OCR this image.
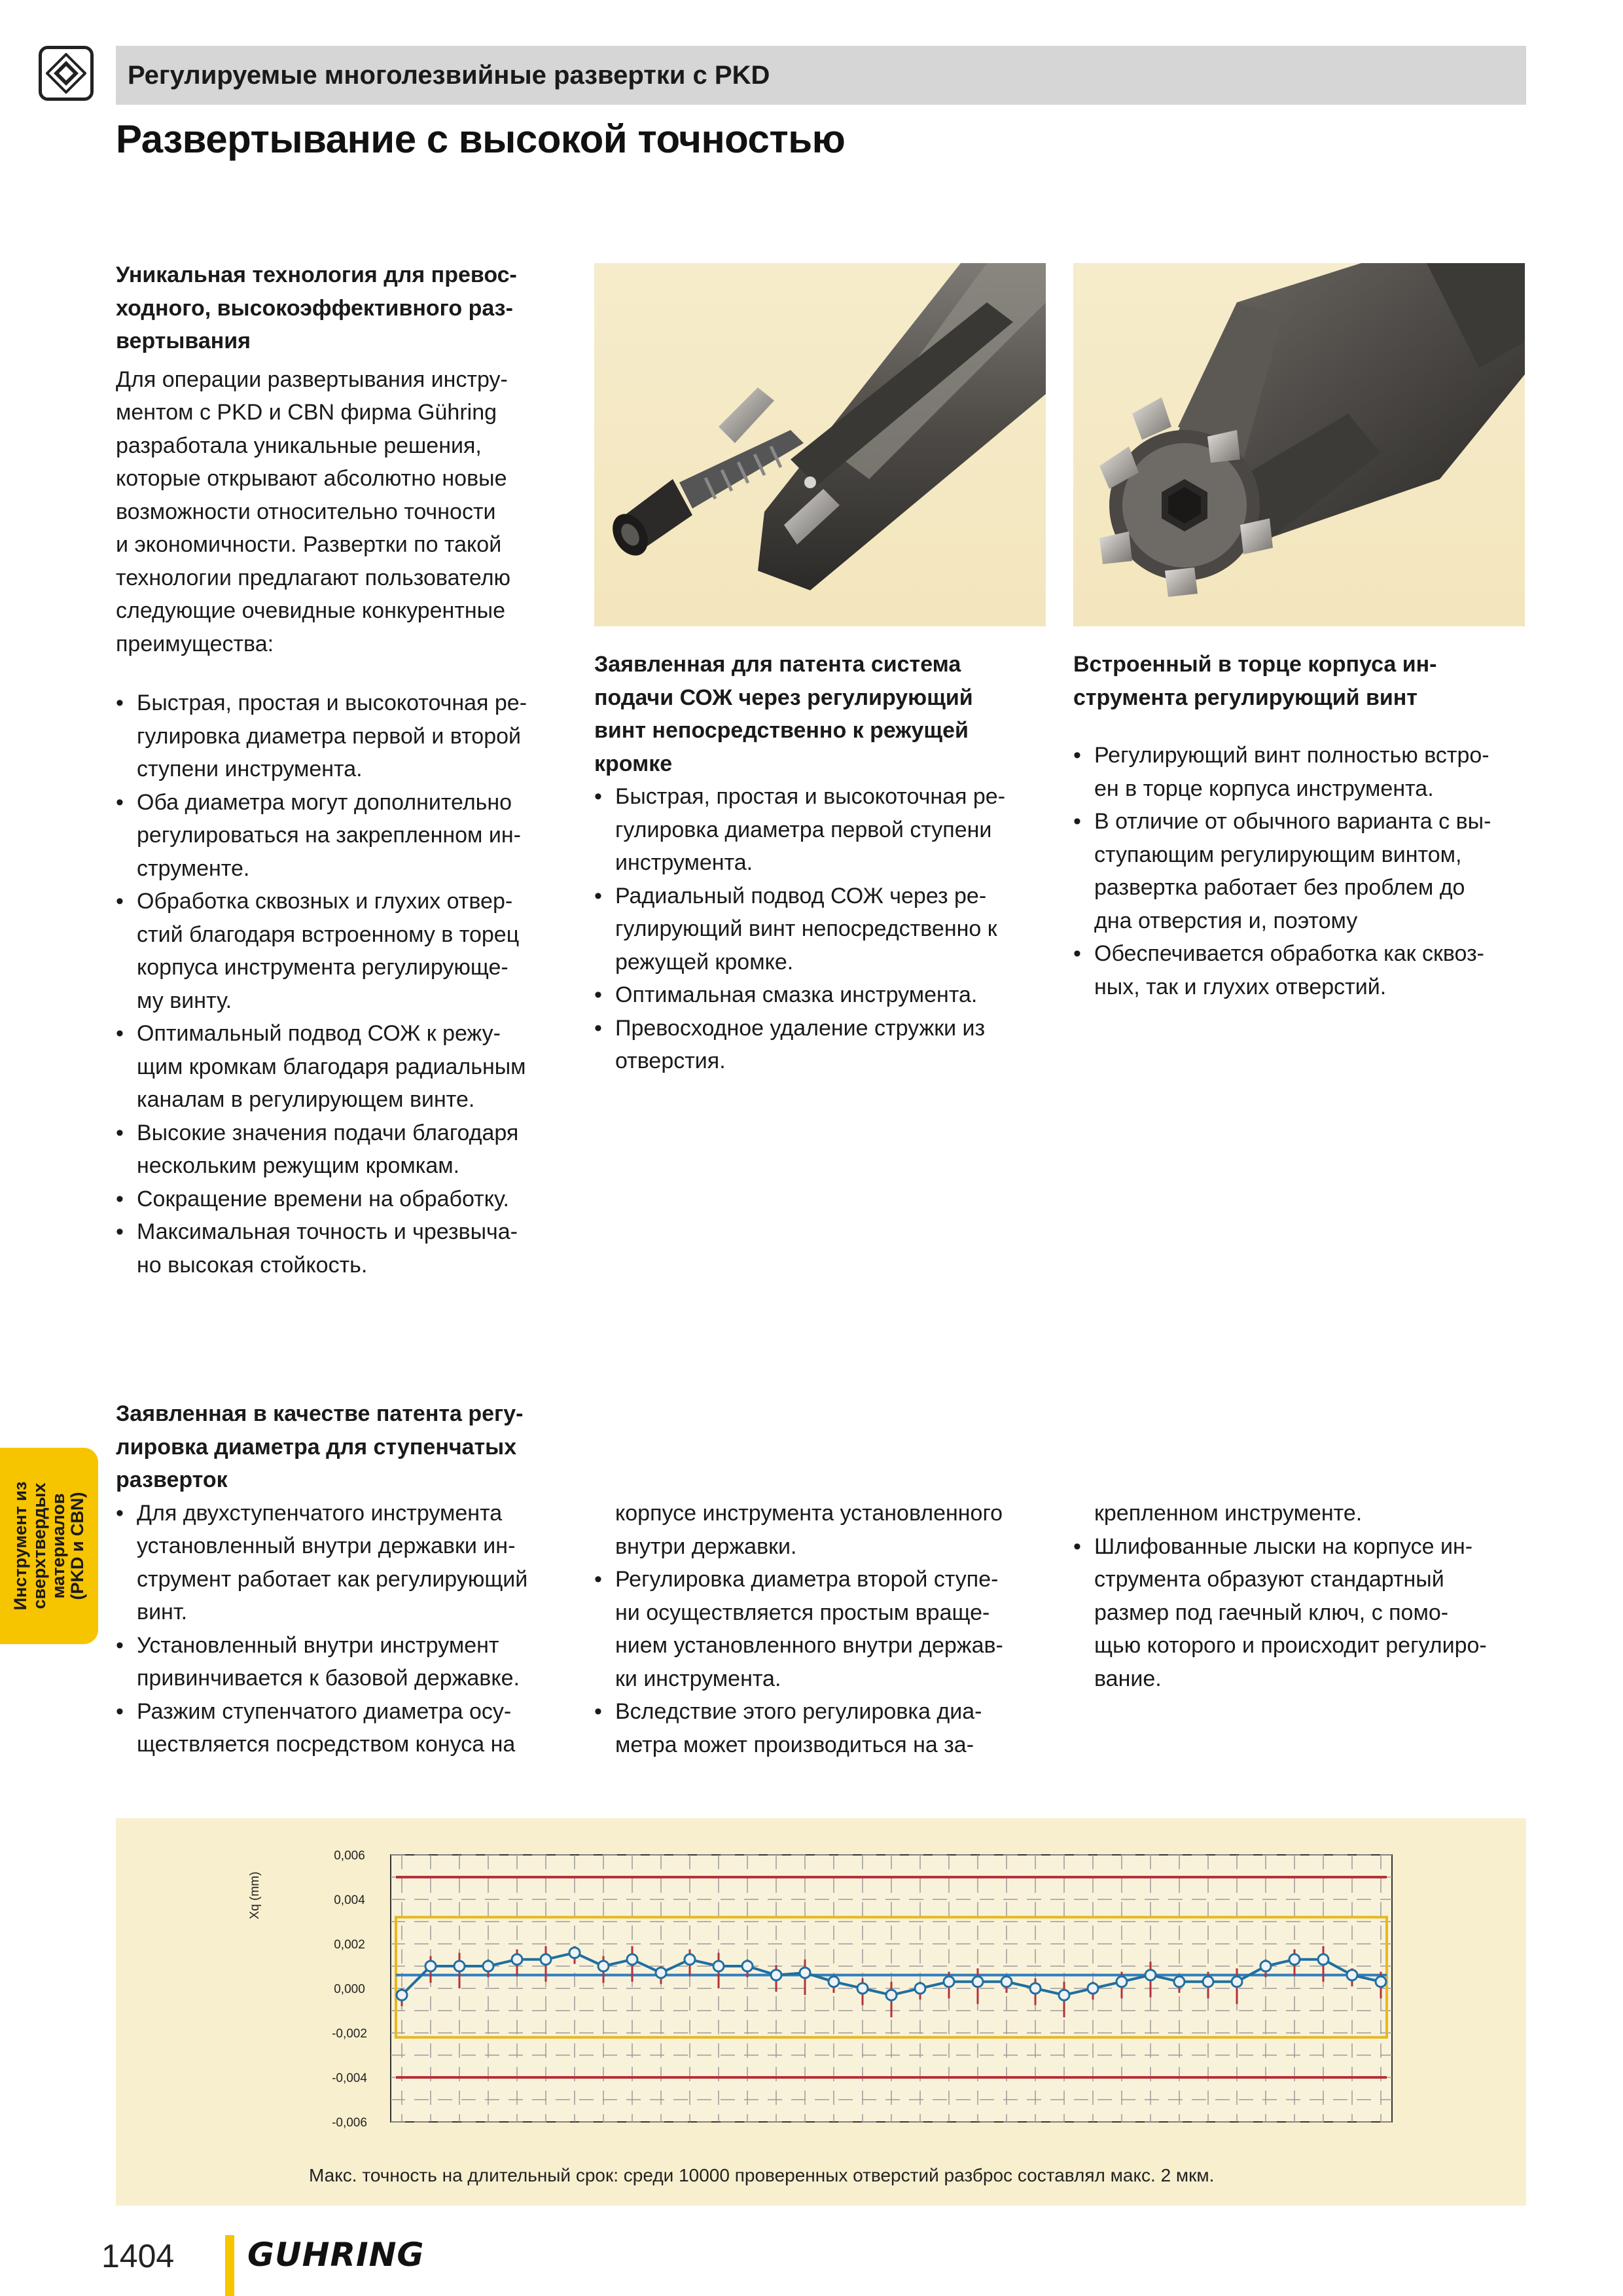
Регулируемые многолезвийные развертки с PKD
Развертывание с высокой точностью

Уникальная технология для превос-
ходного, высокоэффективного раз-
вертывания

Для операции развертывания инстру-
ментом с PKD и CBN фирма Gühring
разработала уникальные решения,
которые открывают абсолютно новые
возможности относительно точности
и экономичности. Развертки по такой
технологии предлагают пользователю
следующие очевидные конкурентные
преимущества:

• Быстрая, простая и высокоточная ре-
гулировка диаметра первой и второй
ступени инструмента.
• Оба диаметра могут дополнительно
регулироваться на закрепленном ин-
струменте.
• Обработка сквозных и глухих отвер-
стий благодаря встроенному в торец
корпуса инструмента регулирующе-
му винту.
• Оптимальный подвод СОЖ к режу-
щим кромкам благодаря радиальным
каналам в регулирующем винте.
• Высокие значения подачи благодаря
нескольким режущим кромкам.
• Сокращение времени на обработку.
• Максимальная точность и чрезвыча-
но высокая стойкость.

Заявленная для патента система
подачи СОЖ через регулирующий
винт непосредственно к режущей
кромке

• Быстрая, простая и высокоточная ре-
гулировка диаметра первой ступени
инструмента.
• Радиальный подвод СОЖ через ре-
гулирующий винт непосредственно к
режущей кромке.
• Оптимальная смазка инструмента.
• Превосходное удаление стружки из
отверстия.

Встроенный в торце корпуса ин-
струмента регулирующий винт

• Регулирующий винт полностью встро-
ен в торце корпуса инструмента.
• В отличие от обычного варианта с вы-
ступающим регулирующим винтом,
развертка работает без проблем до
дна отверстия и, поэтому
• Обеспечивается обработка как сквоз-
ных, так и глухих отверстий.
Инструмент из
сверхтвердых
материалов
(PKD и CBN)

Заявленная в качестве патента регу-
лировка диаметра для ступенчатых
разверток

• Для двухступенчатого инструмента
установленный внутри державки ин-
струмент работает как регулирующий
винт.
• Установленный внутри инструмент
привинчивается к базовой державке.
• Разжим ступенчатого диаметра осу-
ществляется посредством конуса на
корпусе инструмента установленного
внутри державки.
• Регулировка диаметра второй ступе-
ни осуществляется простым враще-
нием установленного внутри держав-
ки инструмента.
• Вследствие этого регулировка диа-
метра может производиться на за-
крепленном инструменте.
• Шлифованные лыски на корпусе ин-
струмента образуют стандартный
размер под гаечный ключ, с помо-
щью которого и происходит регулиро-
вание.
0,006
0,004
0,002
0,000
-0,002
-0,004
-0,006
Xq (mm)
Макс. точность на длительный срок: среди 10000 проверенных отверстий разброс составлял макс. 2 мкм.
1404 GUHRING
